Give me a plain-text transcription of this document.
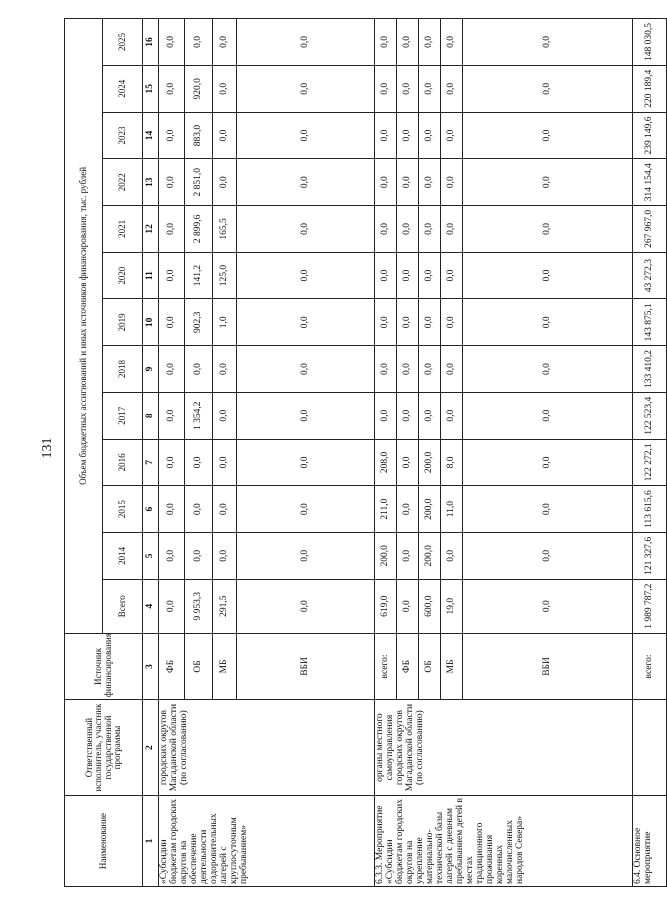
131
Наименование	Ответственный исполнитель, участник государственной программы	Источник финансирования	Объем бюджетных ассигнований и иных источников финансирования, тыс. рублей												
			Всего	2014	2015	2016	2017	2018	2019	2020	2021	2022	2023	2024	2025
1	2	3	4	5	6	7	8	9	10	11	12	13	14	15	16
«Субсидии бюджетам городских округов на обеспечение деятельности оздоровительных лагерей с круглосуточным пребыванием»	городских округов Магаданской области (по согласованию)	ФБ	0,0	0,0	0,0	0,0	0,0	0,0	0,0	0,0	0,0	0,0	0,0	0,0	0,0
		ОБ	9 953,3	0,0	0,0	0,0	1 354,2	0,0	902,3	141,2	2 899,6	2 851,0	883,0	920,0	0,0
		МБ	291,5	0,0	0,0	0,0	0,0	0,0	1,0	125,0	165,5	0,0	0,0	0,0	0,0
		ВБИ	0,0	0,0	0,0	0,0	0,0	0,0	0,0	0,0	0,0	0,0	0,0	0,0	0,0
6.3.3. Мероприятие «Субсидии бюджетам городских округов на укрепление материально-технической базы лагерей с дневным пребыванием детей в местах традиционного проживания коренных малочисленных народов Севера»	органы местного самоуправления городских округов Магаданской области (по согласованию)	всего:	619,0	200,0	211,0	208,0	0,0	0,0	0,0	0,0	0,0	0,0	0,0	0,0	0,0
		ФБ	0,0	0,0	0,0	0,0	0,0	0,0	0,0	0,0	0,0	0,0	0,0	0,0	0,0
		ОБ	600,0	200,0	200,0	200,0	0,0	0,0	0,0	0,0	0,0	0,0	0,0	0,0	0,0
		МБ	19,0	0,0	11,0	8,0	0,0	0,0	0,0	0,0	0,0	0,0	0,0	0,0	0,0
		ВБИ	0,0	0,0	0,0	0,0	0,0	0,0	0,0	0,0	0,0	0,0	0,0	0,0	0,0
6.4. Основное мероприятие		всего:	1 989 787,2	121 327,6	113 615,6	122 272,1	122 523,4	133 410,2	143 875,1	43 272,3	267 967,0	314 154,4	239 149,6	220 189,4	148 030,5
